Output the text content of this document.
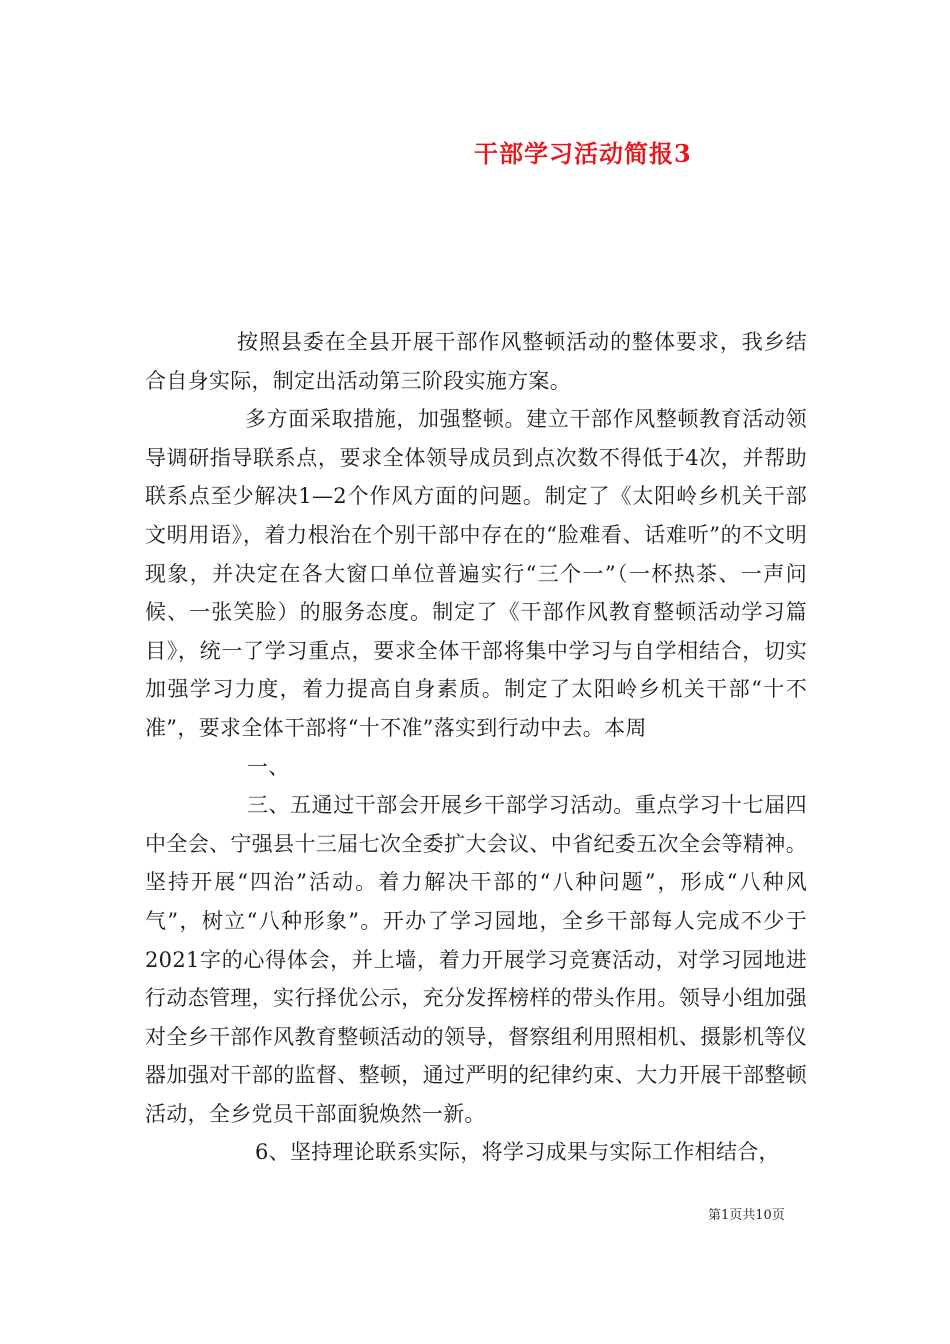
干部学习活动简报3

按照县委在全县开展干部作风整顿活动的整体要求，我乡结合自身实际，制定出活动第三阶段实施方案。

多方面采取措施，加强整顿。建立干部作风整顿教育活动领导调研指导联系点，要求全体领导成员到点次数不得低于4次，并帮助联系点至少解决1—2个作风方面的问题。制定了《太阳岭乡机关干部文明用语》，着力根治在个别干部中存在的“脸难看、话难听”的不文明现象，并决定在各大窗口单位普遍实行“三个一”（一杯热茶、一声问候、一张笑脸）的服务态度。制定了《干部作风教育整顿活动学习篇目》，统一了学习重点，要求全体干部将集中学习与自学相结合，切实加强学习力度，着力提高自身素质。制定了太阳岭乡机关干部“十不准”，要求全体干部将“十不准”落实到行动中去。本周

一、

三、五通过干部会开展乡干部学习活动。重点学习十七届四中全会、宁强县十三届七次全委扩大会议、中省纪委五次全会等精神。坚持开展“四治”活动。着力解决干部的“八种问题”，形成“八种风气”，树立“八种形象”。开办了学习园地，全乡干部每人完成不少于2021字的心得体会，并上墙，着力开展学习竞赛活动，对学习园地进行动态管理，实行择优公示，充分发挥榜样的带头作用。领导小组加强对全乡干部作风教育整顿活动的领导，督察组利用照相机、摄影机等仪器加强对干部的监督、整顿，通过严明的纪律约束、大力开展干部整顿活动，全乡党员干部面貌焕然一新。

6、坚持理论联系实际，将学习成果与实际工作相结合，

第1页共10页
